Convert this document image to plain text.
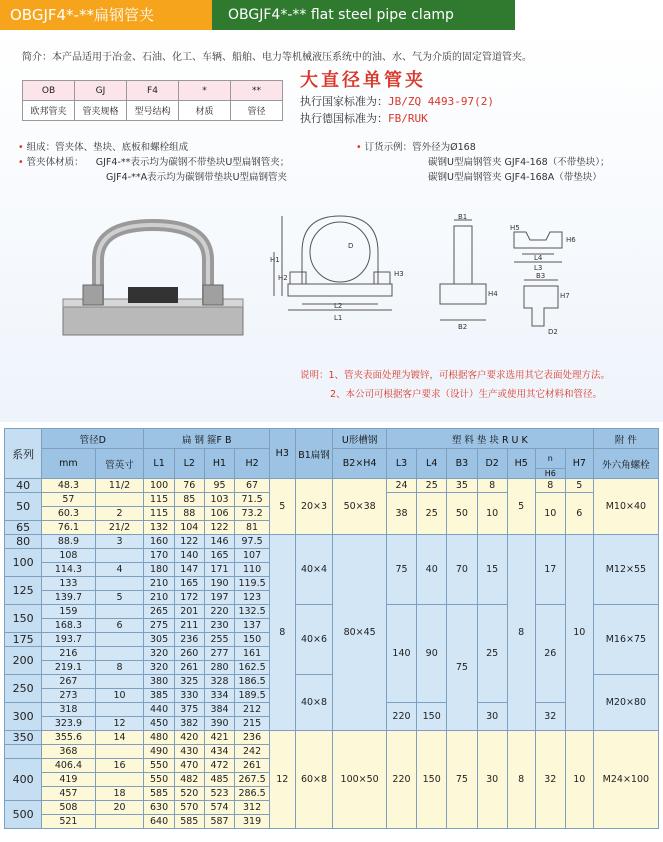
OBGJF4*-**扁钢管夹	OBGJF4*-** flat steel pipe clamp
简介：本产品适用于冶金、石油、化工、车辆、船舶、电力等机械液压系统中的油、水、气为介质的固定管道管夹。
OB	GJ	F4	*	**
欧邦管夹	管夹规格	型号结构	材质	管径
大直径单管夹
执行国家标准为：JB/ZQ 4493-97(2)
执行德国标准为：FB/RUK
• 组成：管夹体、垫块、底板和螺栓组成
• 管夹体材质： GJF4-**表示均为碳钢不带垫块U型扁钢管夹；
GJF4-**A表示均为碳钢带垫块U型扁钢管夹
• 订货示例：管外径为Ø168
碳钢U型扁钢管夹 GJF4-168（不带垫块）；
碳钢U型扁钢管夹 GJF4-168A（带垫块）
L2
L1
H1
H2	H3
D
B1
B2
H4
L4
L3
H6
H5
B3
H7
D2
说明：1、管夹表面处理为镀锌，可根据客户要求选用其它表面处理方法。
2、本公司可根据客户要求（设计）生产或使用其它材料和管径。
系列	管径D		扁 钢 箍F B				H3	B1扁钢	U形槽钢	塑 料 垫 块 R U K							附 件
	mm	管英寸	L1	L2	H1	H2			B2×H4	L3	L4	B3	D2	H5	n	H7	外六角螺栓
															H6		
40	48.3	11/2	100	76	95	67	5	20×3	50×38	24	25	35	8	5	8	5	M10×40
50	57		115	85	103	71.5				38	25	50	10		10	6	
	60.3	2	115	88	106	73.2											
65	76.1	21/2	132	104	122	81											
80	88.9	3	160	122	146	97.5	8	40×4	80×45	75	40	70	15	8	17	10	M12×55
100	108		170	140	165	107											
	114.3	4	180	147	171	110											
125	133		210	165	190	119.5											
	139.7	5	210	172	197	123											
150	159		265	201	220	132.5		40×6		140	90	75	25		26		M16×75
	168.3	6	275	211	230	137											
175	193.7		305	236	255	150											
200	216		320	260	277	161											
	219.1	8	320	261	280	162.5											
250	267		380	325	328	186.5		40×8									M20×80
	273	10	385	330	334	189.5											
300	318		440	375	384	212				220	150		30		32		
	323.9	12	450	382	390	215											
350	355.6	14	480	420	421	236	12	60×8	100×50	220	150	75	30	8	32	10	M24×100
	368		490	430	434	242											
400	406.4	16	550	470	472	261											
	419		550	482	485	267.5											
	457	18	585	520	523	286.5											
500	508	20	630	570	574	312											
	521		640	585	587	319											
